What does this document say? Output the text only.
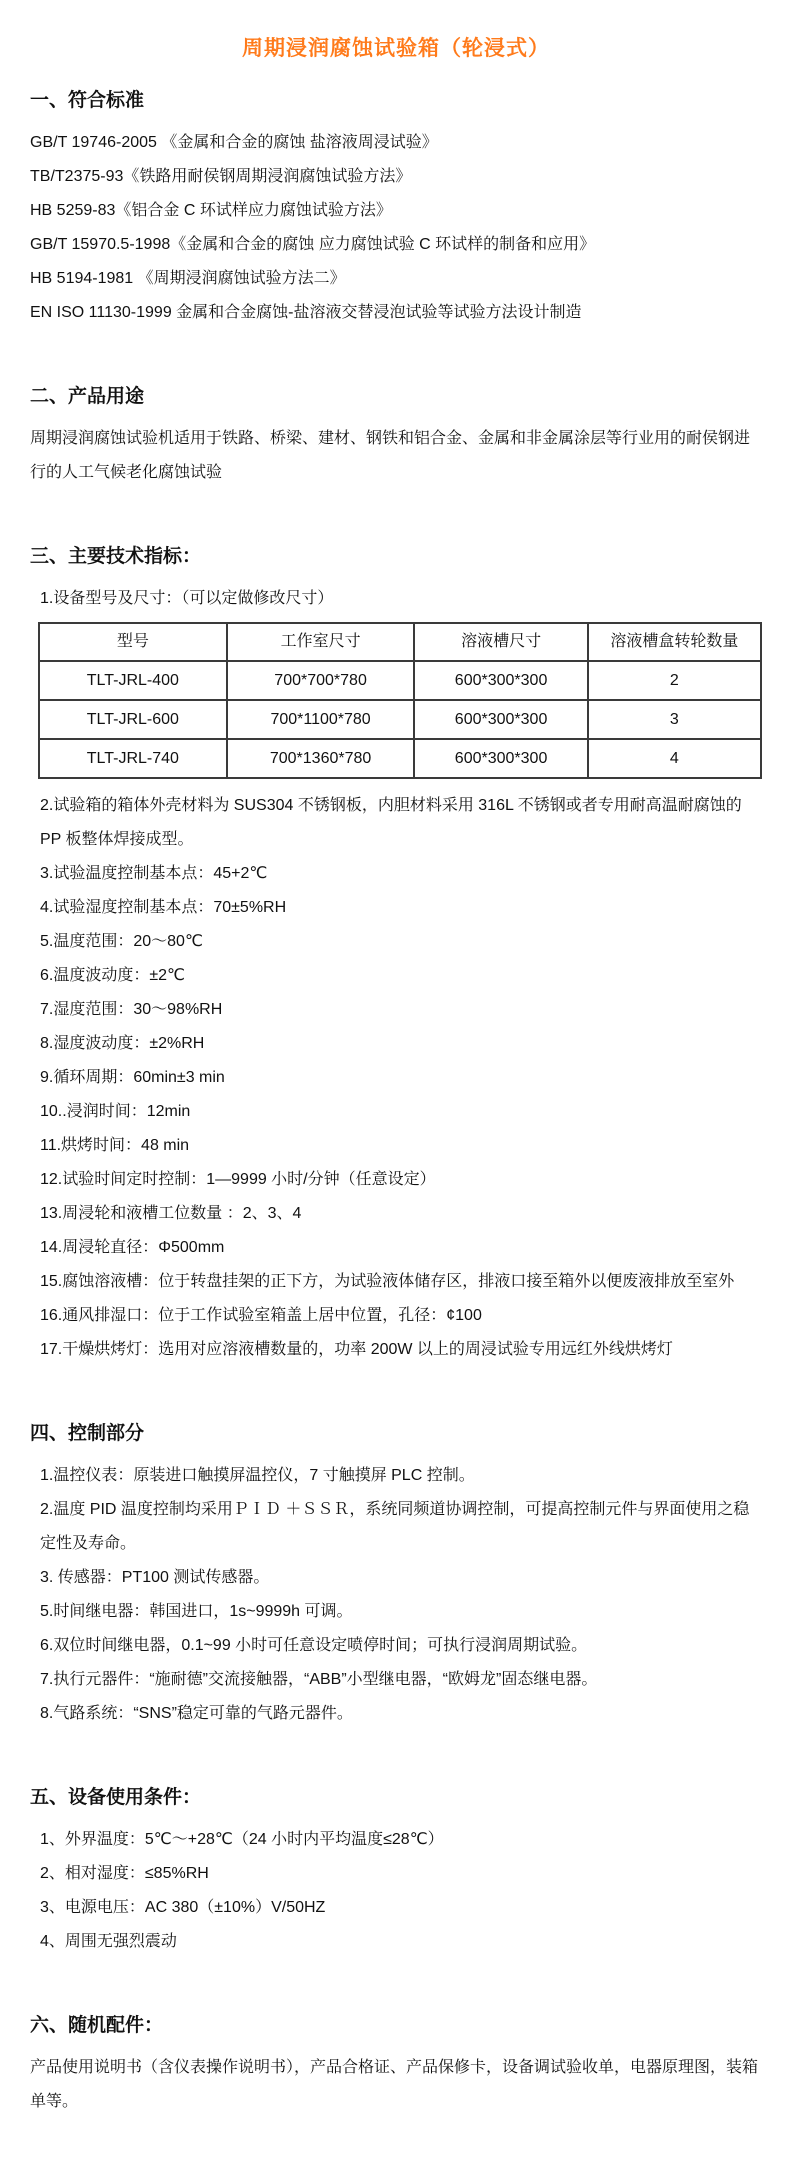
周期浸润腐蚀试验箱（轮浸式）
一、符合标准

GB/T 19746-2005 《金属和合金的腐蚀 盐溶液周浸试验》

TB/T2375-93《铁路用耐侯钢周期浸润腐蚀试验方法》

HB 5259-83《铝合金 C 环试样应力腐蚀试验方法》

GB/T 15970.5-1998《金属和合金的腐蚀 应力腐蚀试验 C 环试样的制备和应用》

HB 5194-1981 《周期浸润腐蚀试验方法二》

EN ISO 11130-1999 金属和合金腐蚀-盐溶液交替浸泡试验等试验方法设计制造

二、产品用途

周期浸润腐蚀试验机适用于铁路、桥梁、建材、钢铁和铝合金、金属和非金属涂层等行业用的耐侯钢进行的人工气候老化腐蚀试验

三、主要技术指标：

1.设备型号及尺寸：（可以定做修改尺寸）

型号	工作室尺寸	溶液槽尺寸	溶液槽盒转轮数量
TLT-JRL-400	700*700*780	600*300*300	2
TLT-JRL-600	700*1100*780	600*300*300	3
TLT-JRL-740	700*1360*780	600*300*300	4

2.试验箱的箱体外壳材料为 SUS304 不锈钢板，内胆材料采用 316L 不锈钢或者专用耐高温耐腐蚀的 PP 板整体焊接成型。

3.试验温度控制基本点：45+2℃

4.试验湿度控制基本点：70±5%RH

5.温度范围：20～80℃

6.温度波动度：±2℃

7.湿度范围：30～98%RH

8.湿度波动度：±2%RH

9.循环周期：60min±3 min

10..浸润时间：12min

11.烘烤时间：48 min

12.试验时间定时控制：1—9999 小时/分钟（任意设定）

13.周浸轮和液槽工位数量 ：2、3、4

14.周浸轮直径：Φ500mm

15.腐蚀溶液槽：位于转盘挂架的正下方，为试验液体储存区，排液口接至箱外以便废液排放至室外

16.通风排湿口：位于工作试验室箱盖上居中位置，孔径：¢100

17.干燥烘烤灯：选用对应溶液槽数量的，功率 200W 以上的周浸试验专用远红外线烘烤灯

四、控制部分

1.温控仪表：原装进口触摸屏温控仪，7 寸触摸屏 PLC 控制。

2.温度 PID 温度控制均采用ＰＩＤ ＋ＳＳＲ，系统同频道协调控制，可提高控制元件与界面使用之稳定性及寿命。

3. 传感器：PT100 测试传感器。

5.时间继电器：韩国进口，1s~9999h 可调。

6.双位时间继电器，0.1~99 小时可任意设定喷停时间；可执行浸润周期试验。

7.执行元器件：“施耐德”交流接触器，“ABB”小型继电器，“欧姆龙”固态继电器。

8.气路系统：“SNS”稳定可靠的气路元器件。

五、设备使用条件：

1、外界温度：5℃～+28℃（24 小时内平均温度≤28℃）

2、相对湿度：≤85%RH

3、电源电压：AC 380（±10%）V/50HZ

4、周围无强烈震动

六、随机配件：

产品使用说明书（含仪表操作说明书），产品合格证、产品保修卡，设备调试验收单，电器原理图，装箱单等。
